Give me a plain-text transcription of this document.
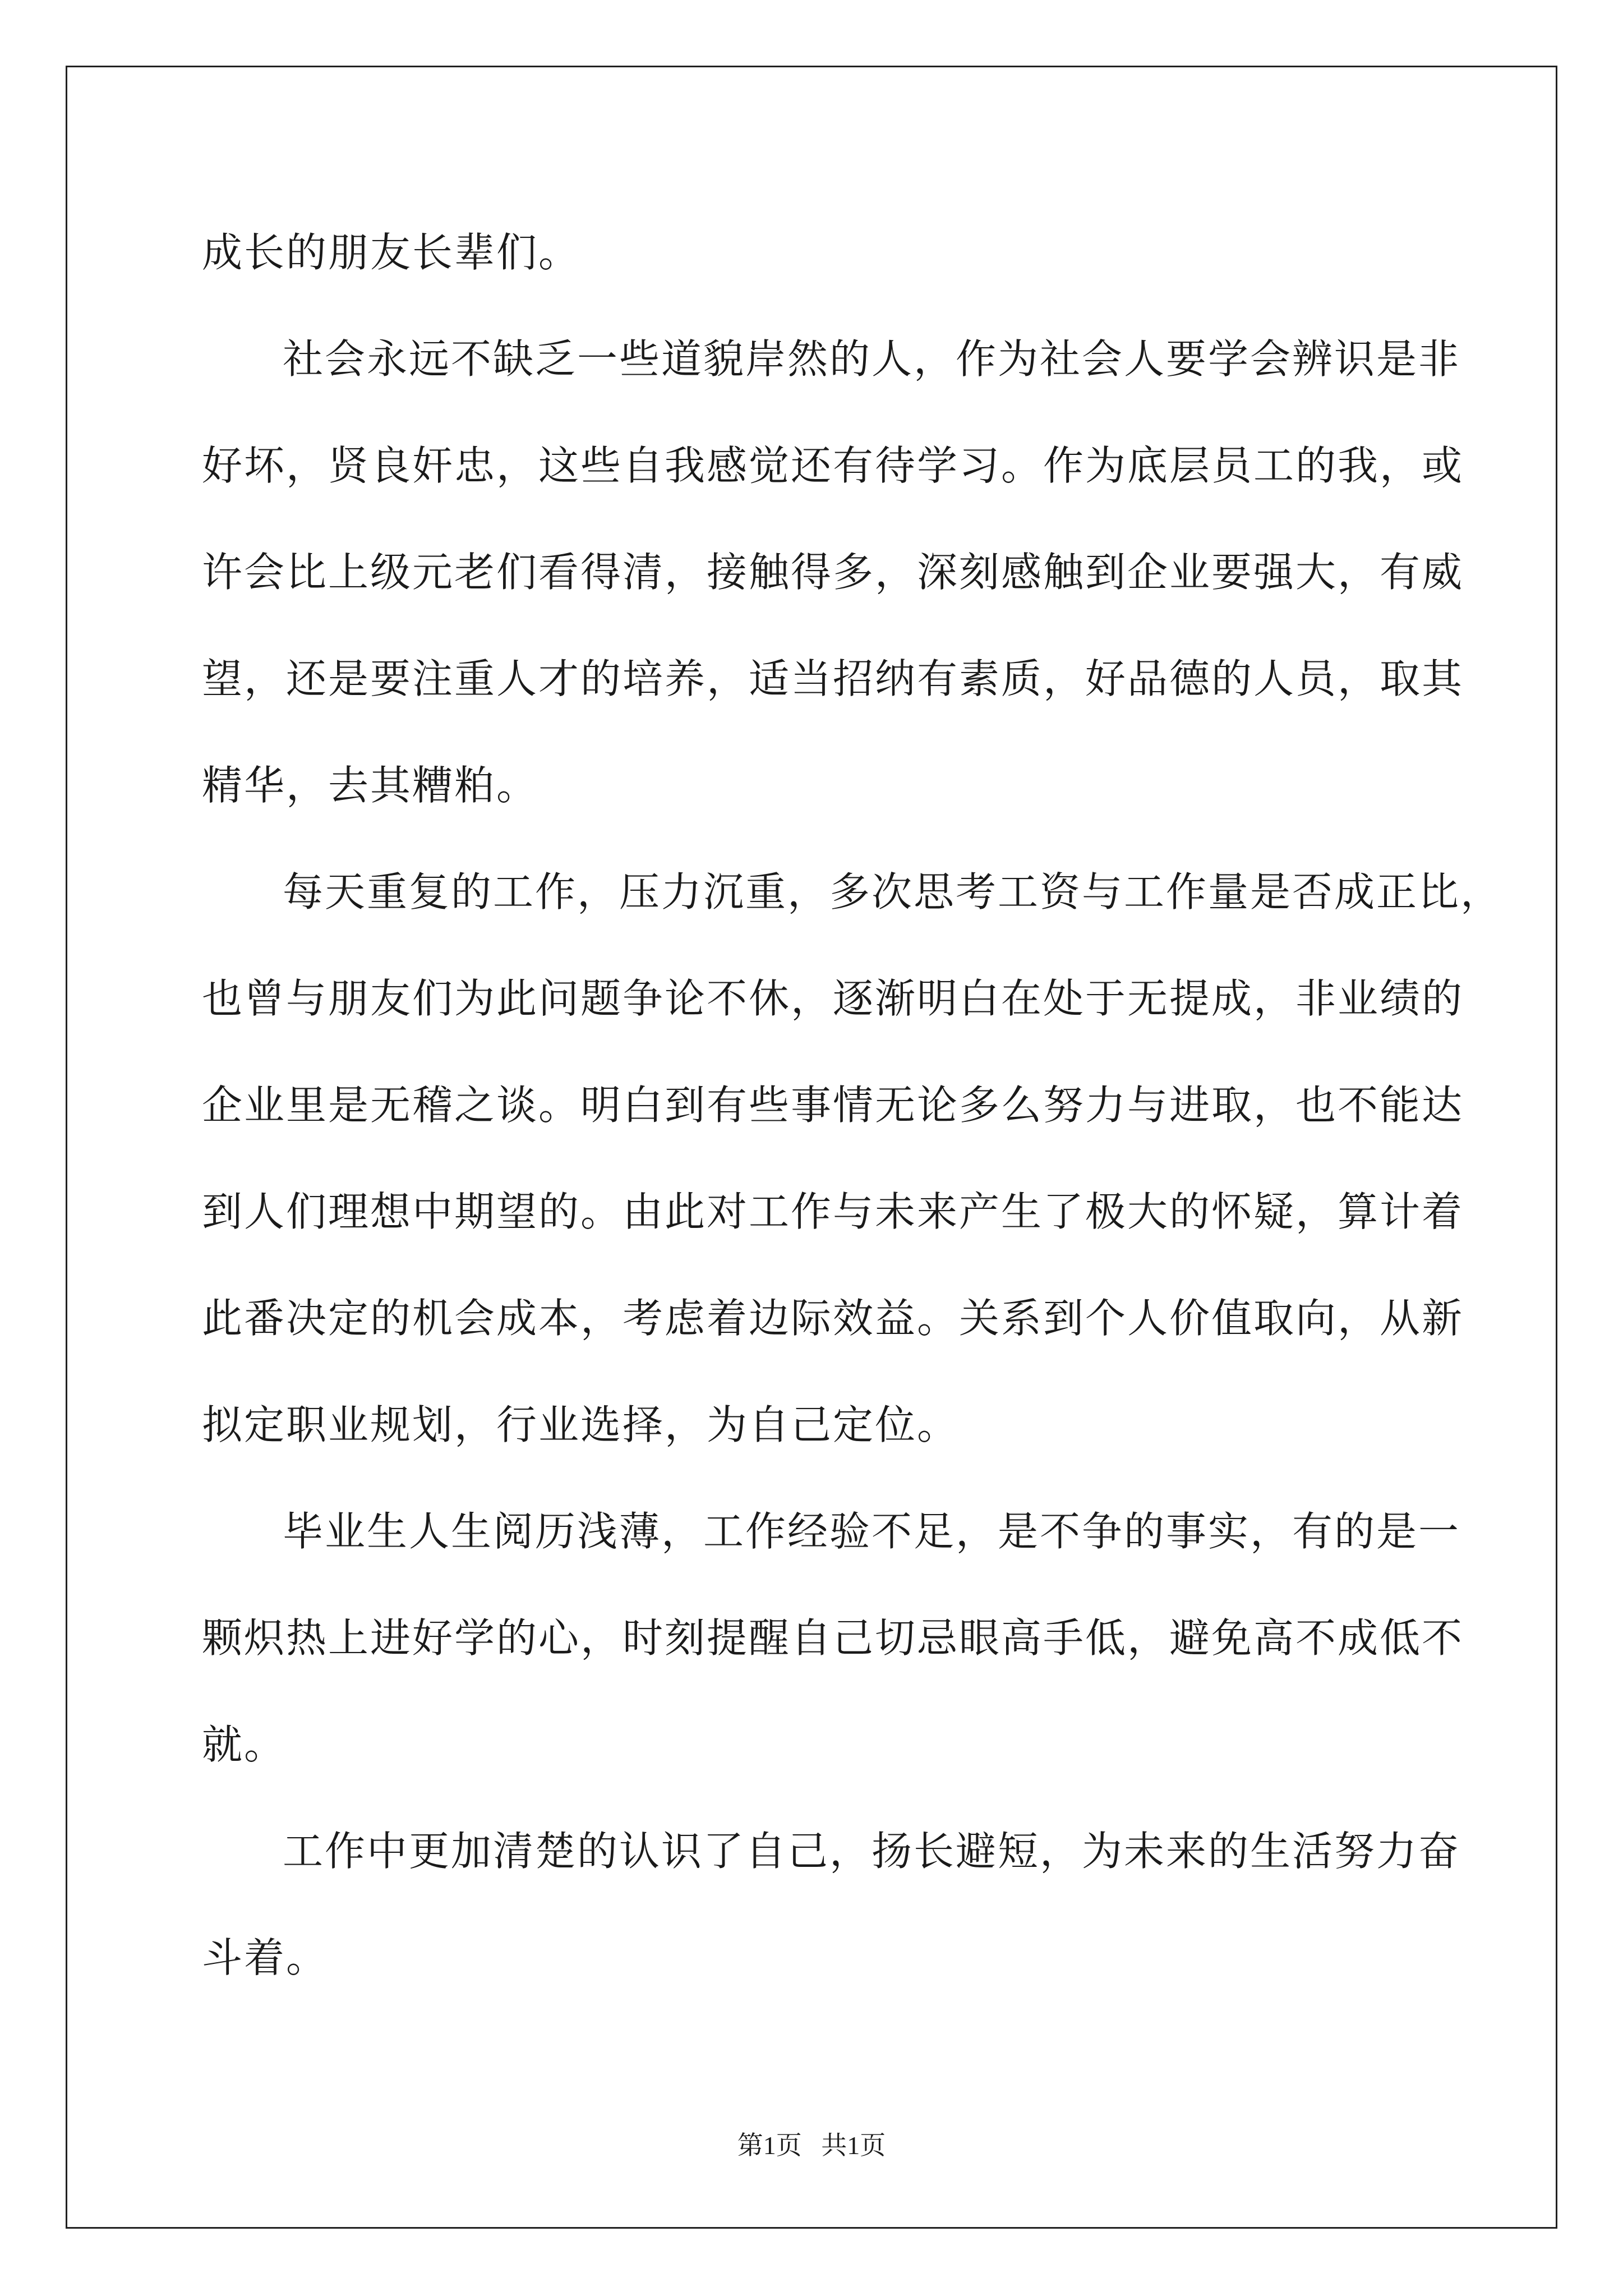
成长的朋友长辈们。
社会永远不缺乏一些道貌岸然的人，作为社会人要学会辨识是非
好坏，贤良奸忠，这些自我感觉还有待学习。作为底层员工的我，或
许会比上级元老们看得清，接触得多，深刻感触到企业要强大，有威
望，还是要注重人才的培养，适当招纳有素质，好品德的人员，取其
精华，去其糟粕。
每天重复的工作，压力沉重，多次思考工资与工作量是否成正比，
也曾与朋友们为此问题争论不休，逐渐明白在处于无提成，非业绩的
企业里是无稽之谈。明白到有些事情无论多么努力与进取，也不能达
到人们理想中期望的。由此对工作与未来产生了极大的怀疑，算计着
此番决定的机会成本，考虑着边际效益。关系到个人价值取向，从新
拟定职业规划，行业选择，为自己定位。
毕业生人生阅历浅薄，工作经验不足，是不争的事实，有的是一
颗炽热上进好学的心，时刻提醒自己切忌眼高手低，避免高不成低不
就。
工作中更加清楚的认识了自己，扬长避短，为未来的生活努力奋
斗着。
第1页 共1页
